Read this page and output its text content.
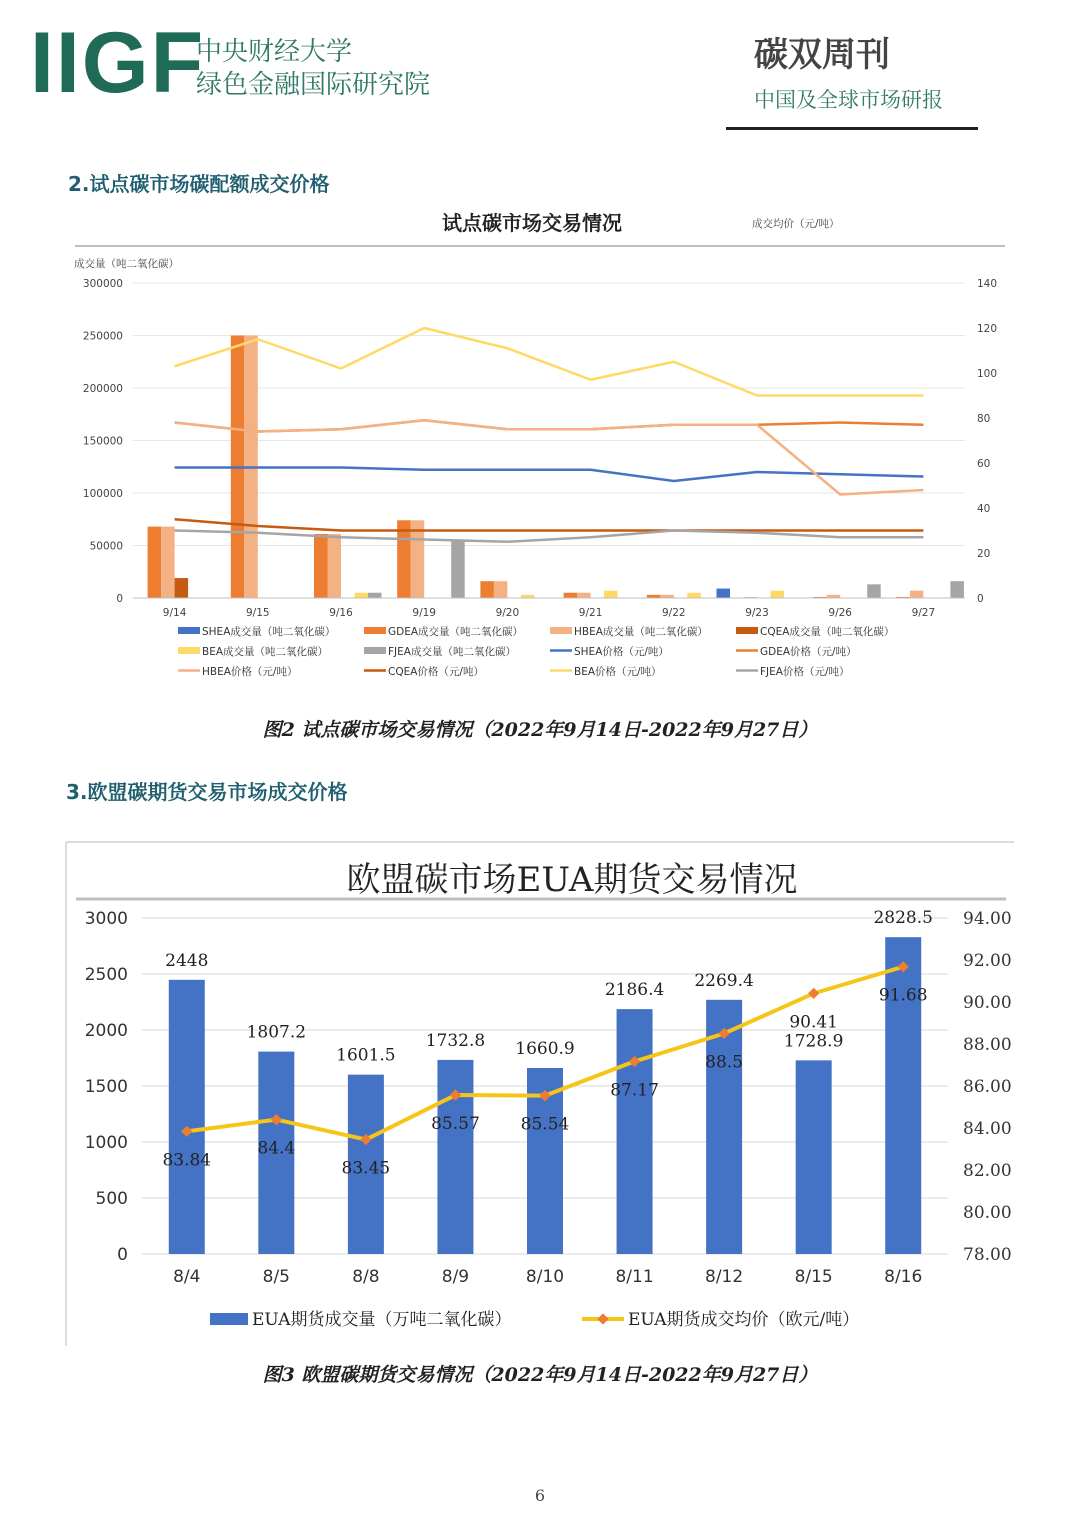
IIGF
中央财经大学
绿色金融国际研究院
碳双周刊
中国及全球市场研报
2.试点碳市场碳配额成交价格
试点碳市场交易情况	成交均价（元/吨）
成交量（吨二氧化碳）
300000
250000
200000
150000
100000
50000
0
140
120
100
80
60
40
20
0
9/14	9/15	9/16	9/19	9/20	9/21	9/22	9/23	9/26	9/27
SHEA成交量（吨二氧化碳）	GDEA成交量（吨二氧化碳）	HBEA成交量（吨二氧化碳）	CQEA成交量（吨二氧化碳）
BEA成交量（吨二氧化碳）	FJEA成交量（吨二氧化碳）	SHEA价格（元/吨）	GDEA价格（元/吨）
HBEA价格（元/吨）	CQEA价格（元/吨）	BEA价格（元/吨）	FJEA价格（元/吨）
图2 试点碳市场交易情况（2022年9月14日-2022年9月27日）
3.欧盟碳期货交易市场成交价格
欧盟碳市场EUA期货交易情况
2448
1807.2
1601.5
1732.8 1660.9
2186.4 2269.4
1728.9
2828.5
83.84
84.4
83.45
85.57 85.54
87.17
88.5
90.41
91.68
3000
2500
2000
1500
1000
500
0
94.00
92.00
90.00
88.00
86.00
84.00
82.00
80.00
78.00
8/4	8/5	8/8	8/9	8/10	8/11	8/12	8/15	8/16
EUA期货成交量（万吨二氧化碳）	EUA期货成交均价（欧元/吨）
图3 欧盟碳期货交易情况（2022年9月14日-2022年9月27日）
6
